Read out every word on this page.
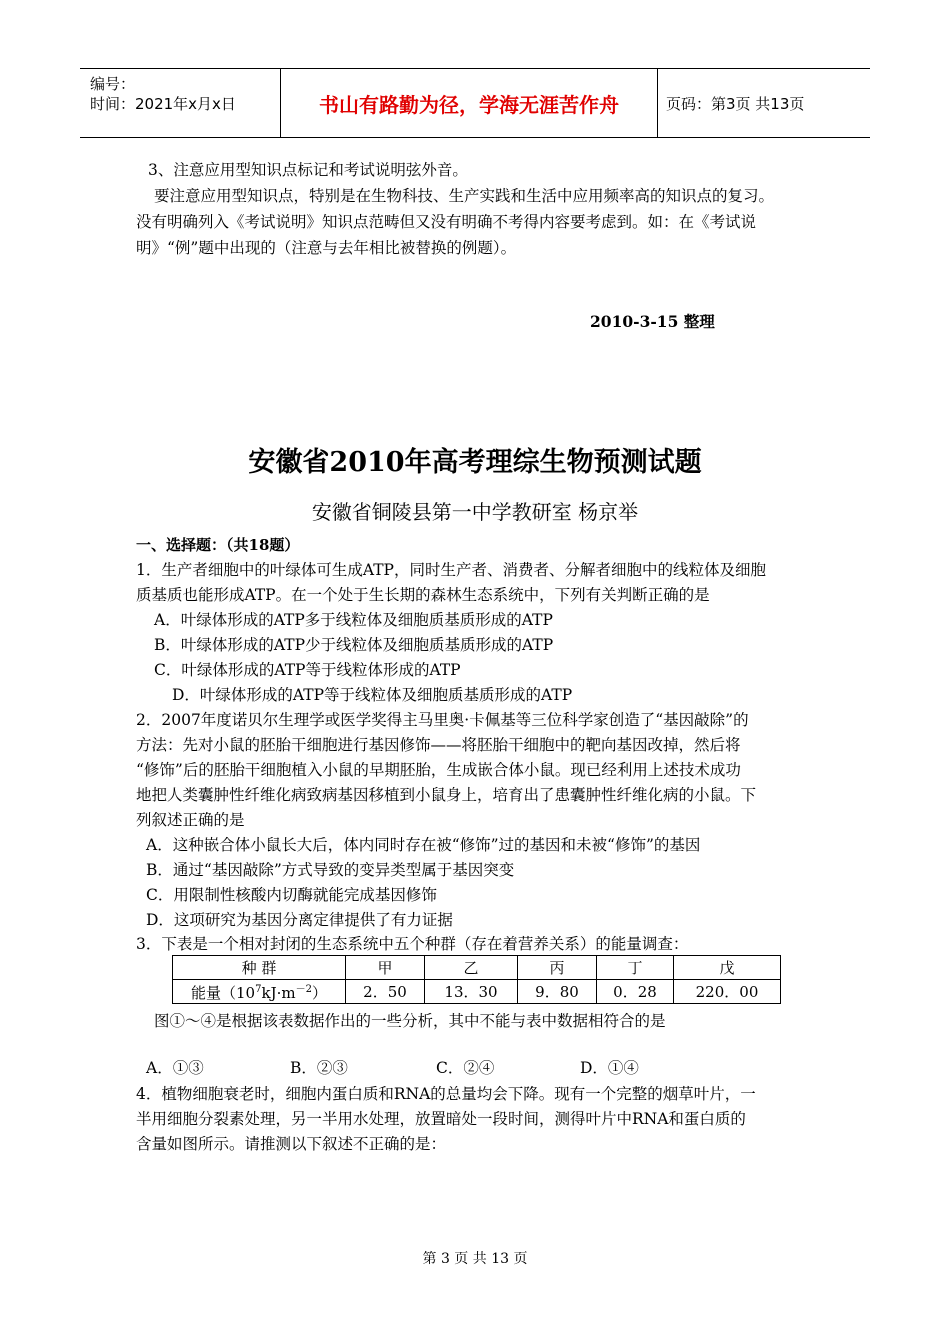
编号：
时间：2021年x月x日	书山有路勤为径，学海无涯苦作舟	页码：第3页 共13页
3、注意应用型知识点标记和考试说明弦外音。
要注意应用型知识点，特别是在生物科技、生产实践和生活中应用频率高的知识点的复习。
没有明确列入《考试说明》知识点范畴但又没有明确不考得内容要考虑到。如：在《考试说
明》“例”题中出现的（注意与去年相比被替换的例题）。
2010-3-15 整理
安徽省2010年高考理综生物预测试题
安徽省铜陵县第一中学教研室 杨京举
一、选择题：（共18题）
1．生产者细胞中的叶绿体可生成ATP，同时生产者、消费者、分解者细胞中的线粒体及细胞
质基质也能形成ATP。在一个处于生长期的森林生态系统中，下列有关判断正确的是
A．叶绿体形成的ATP多于线粒体及细胞质基质形成的ATP
B．叶绿体形成的ATP少于线粒体及细胞质基质形成的ATP
C．叶绿体形成的ATP等于线粒体形成的ATP
D．叶绿体形成的ATP等于线粒体及细胞质基质形成的ATP
2．2007年度诺贝尔生理学或医学奖得主马里奥·卡佩基等三位科学家创造了“基因敲除”的
方法：先对小鼠的胚胎干细胞进行基因修饰——将胚胎干细胞中的靶向基因改掉，然后将
“修饰”后的胚胎干细胞植入小鼠的早期胚胎，生成嵌合体小鼠。现已经利用上述技术成功
地把人类囊肿性纤维化病致病基因移植到小鼠身上，培育出了患囊肿性纤维化病的小鼠。下
列叙述正确的是
A．这种嵌合体小鼠长大后，体内同时存在被“修饰”过的基因和未被“修饰”的基因
B．通过“基因敲除”方式导致的变异类型属于基因突变
C．用限制性核酸内切酶就能完成基因修饰
D．这项研究为基因分离定律提供了有力证据
3．下表是一个相对封闭的生态系统中五个种群（存在着营养关系）的能量调查：
种 群	甲	乙	丙	丁	戊
能量$(10^7kJ\cdot m^{-2})$	2．50	13．30	9．80	0．28	220．00
图①～④是根据该表数据作出的一些分析，其中不能与表中数据相符合的是
A．①③	B．②③	C．②④	D．①④
4．植物细胞衰老时，细胞内蛋白质和RNA的总量均会下降。现有一个完整的烟草叶片，一
半用细胞分裂素处理，另一半用水处理，放置暗处一段时间，测得叶片中RNA和蛋白质的
含量如图所示。请推测以下叙述不正确的是：
第 3 页 共 13 页
